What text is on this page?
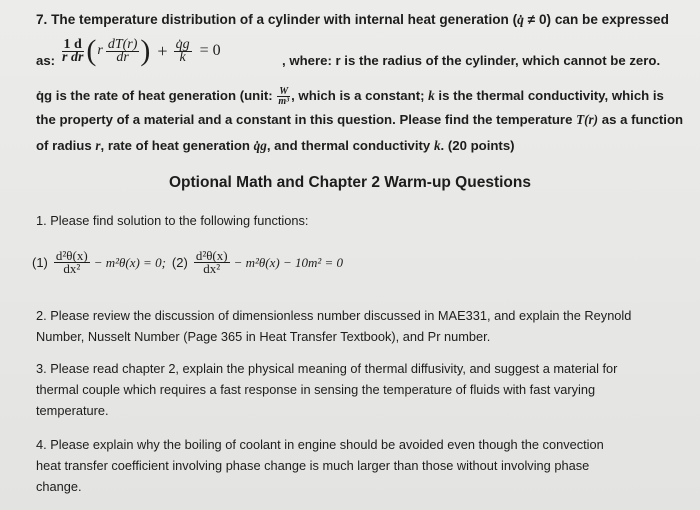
7. The temperature distribution of a cylinder with internal heat generation (q̇ ≠ 0) can be expressed
as: $\frac{1 d}{\text{r dr}}$ ( r $\frac{dT(r)}{dr}$ ) + $\frac{q̇g}{k} = 0$
, where: r is the radius of the cylinder, which cannot be zero.
q̇g is the rate of heat generation (unit: $\frac{W}{\text{m³}}$ , which is a constant; k is the thermal conductivity, which is
the property of a material and a constant in this question. Please find the temperature T(r) as a function
of radius r, rate of heat generation q̇g, and thermal conductivity k. (20 points)
Optional Math and Chapter 2 Warm-up Questions
1. Please find solution to the following functions:
$(1) \frac{\text{d²θ(x)}}{\text{dx²}} - m^2\theta(x) = 0$; $(2) \frac{\text{d²θ(x)}}{\text{dx²}} - m^2\theta(x) - 10m^2 = 0$
2. Please review the discussion of dimensionless number discussed in MAE331, and explain the Reynold
Number, Nusselt Number (Page 365 in Heat Transfer Textbook), and Pr number.
3. Please read chapter 2, explain the physical meaning of thermal diffusivity, and suggest a material for
thermal couple which requires a fast response in sensing the temperature of fluids with fast varying
temperature.
4. Please explain why the boiling of coolant in engine should be avoided even though the convection
heat transfer coefficient involving phase change is much larger than those without involving phase
change.
